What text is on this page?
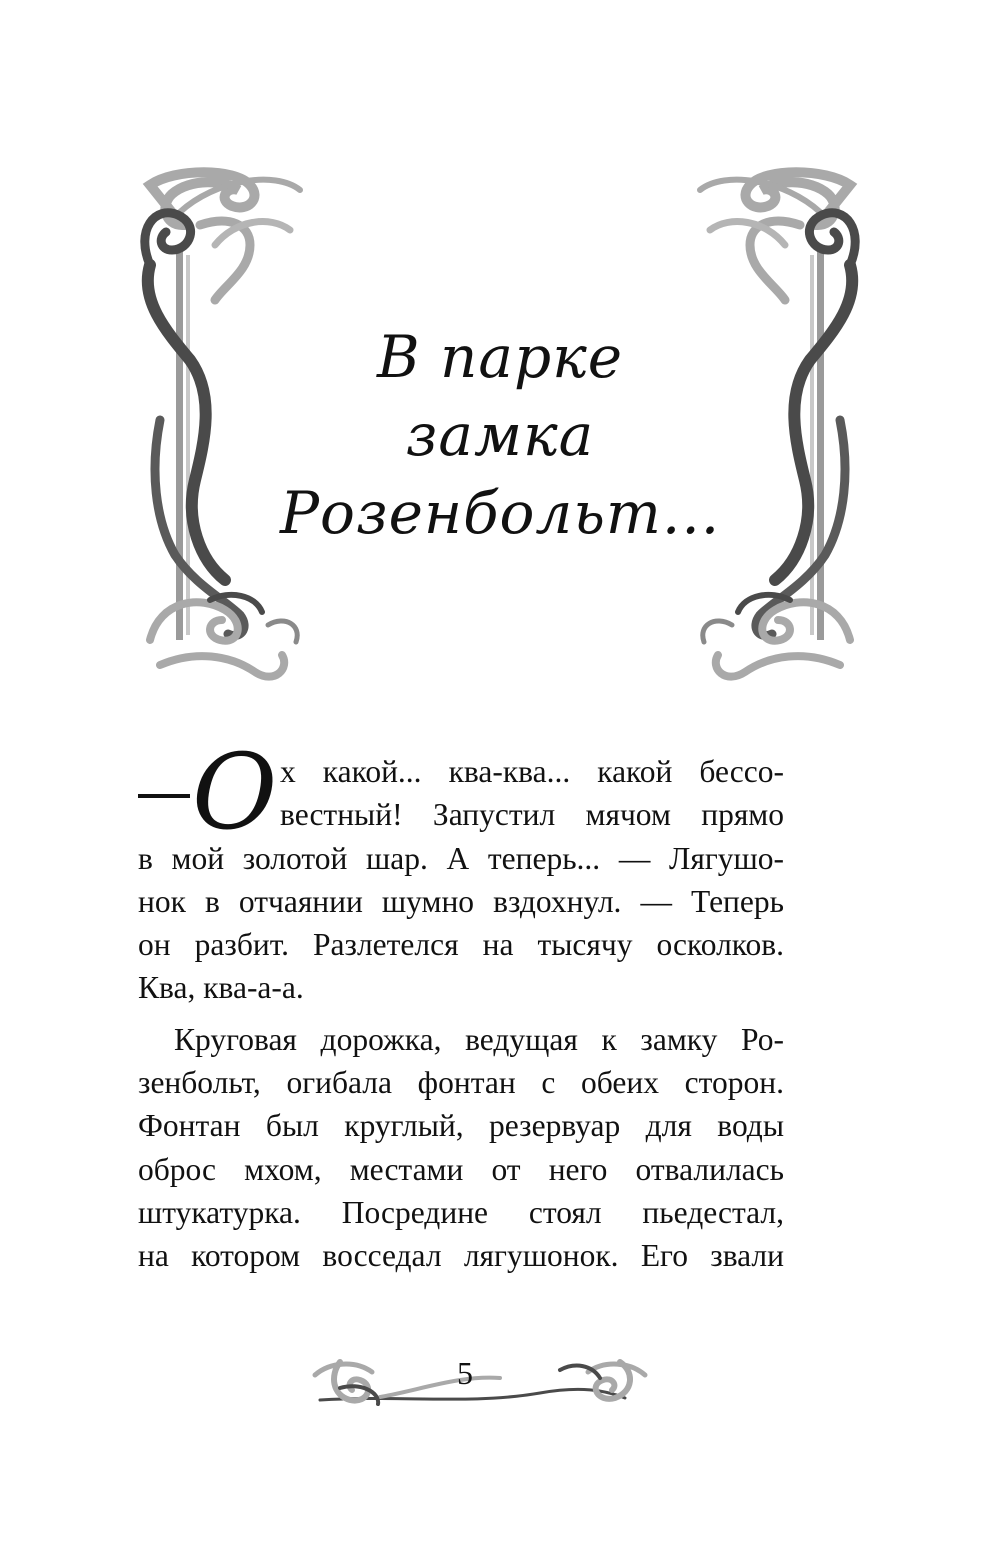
В парке
замка
Розенбольт...
О х какой... ква-ква... какой бессо-
вестный! Запустил мячом прямо
в мой золотой шар. А теперь... — Лягушо-
нок в отчаянии шумно вздохнул. — Теперь
он разбит. Разлетелся на тысячу осколков.
Ква, ква-а-а.
Круговая дорожка, ведущая к замку Ро-
зенбольт, огибала фонтан с обеих сторон.
Фонтан был круглый, резервуар для воды
оброс мхом, местами от него отвалилась
штукатурка. Посредине стоял пьедестал,
на котором восседал лягушонок. Его звали
5
